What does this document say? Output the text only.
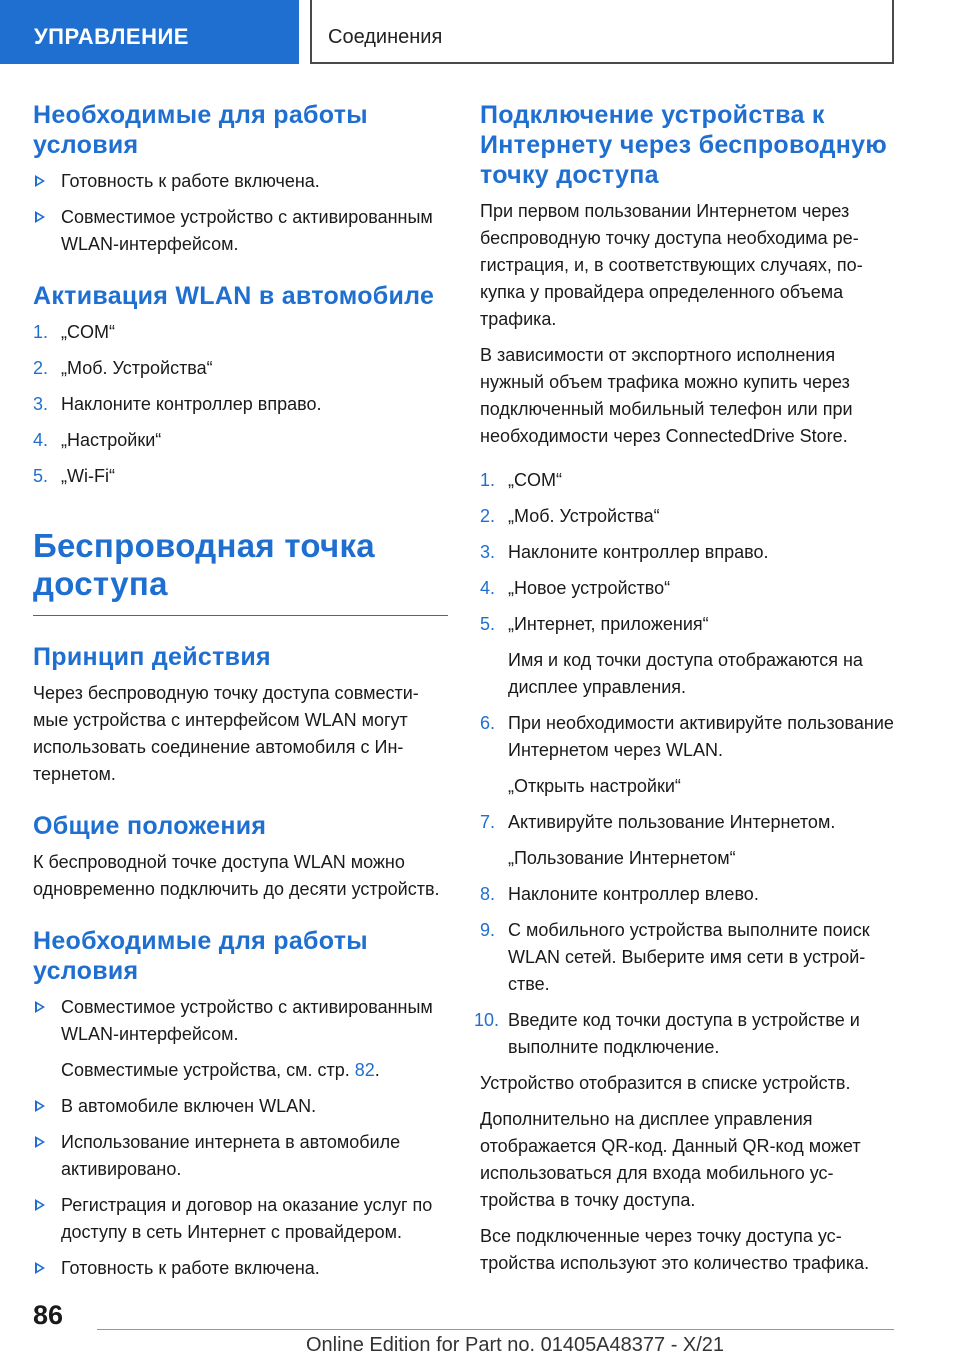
УПРАВЛЕНИЕ	Соединения
Необходимые для работы условия
Готовность к работе включена.
Совместимое устройство с активированным WLAN-интерфейсом.
Активация WLAN в автомобиле
1. „COM“
2. „Моб. Устройства“
3. Наклоните контроллер вправо.
4. „Настройки“
5. „Wi-Fi“
Беспроводная точка доступа
Принцип действия

Через беспроводную точку доступа совместимые устройства с интерфейсом WLAN могут использовать соединение автомобиля с Интернетом.

Общие положения

К беспроводной точке доступа WLAN можно одновременно подключить до десяти устройств.

Необходимые для работы условия
Совместимое устройство с активированным WLAN-интерфейсом.
Совместимые устройства, см. стр. 82.
В автомобиле включен WLAN.
Использование интернета в автомобиле активировано.
Регистрация и договор на оказание услуг по доступу в сеть Интернет с провайдером.
Готовность к работе включена.
Подключение устройства к Интернету через беспроводную точку доступа

При первом пользовании Интернетом через беспроводную точку доступа необходима регистрация, и, в соответствующих случаях, покупка у провайдера определенного объема трафика.

В зависимости от экспортного исполнения нужный объем трафика можно купить через подключенный мобильный телефон или при необходимости через ConnectedDrive Store.

1. „COM“
2. „Моб. Устройства“
3. Наклоните контроллер вправо.
4. „Новое устройство“
5. „Интернет, приложения“
Имя и код точки доступа отображаются на дисплее управления.
6. При необходимости активируйте пользование Интернетом через WLAN.
„Открыть настройки“
7. Активируйте пользование Интернетом.
„Пользование Интернетом“
8. Наклоните контроллер влево.
9. С мобильного устройства выполните поиск WLAN сетей. Выберите имя сети в устройстве.
10. Введите код точки доступа в устройстве и выполните подключение.

Устройство отобразится в списке устройств.

Дополнительно на дисплее управления отображается QR-код. Данный QR-код может использоваться для входа мобильного устройства в точку доступа.

Все подключенные через точку доступа устройства используют это количество трафика.

86
Online Edition for Part no. 01405A48377 - X/21
